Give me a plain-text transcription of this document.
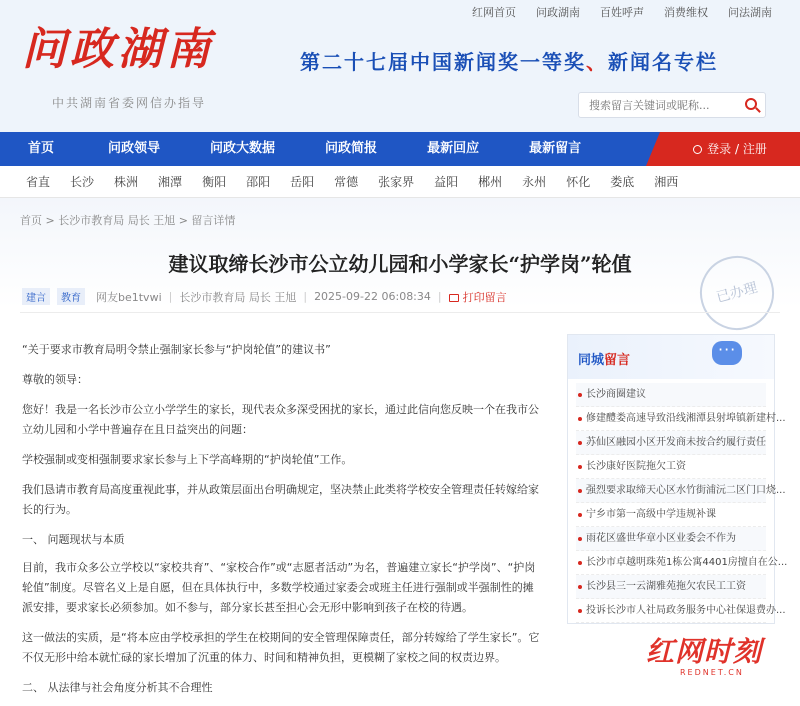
红网首页 问政湖南 百姓呼声 消费维权 问法湖南
问政湖南
中共湖南省委网信办指导
第二十七届中国新闻奖一等奖、新闻名专栏
搜索留言关键词或昵称...
首页	问政领导	问政大数据	问政简报	最新回应	最新留言	登录 / 注册
省直 长沙 株洲 湘潭 衡阳 邵阳 岳阳 常德 张家界 益阳 郴州 永州 怀化 娄底 湘西
首页 > 长沙市教育局 局长 王旭 > 留言详情
建议取缔长沙市公立幼儿园和小学家长“护学岗”轮值
建言	教育	网友be1tvwi | 长沙市教育局 局长 王旭 | 2025-09-22 06:08:34 |	打印留言	已办理

“关于要求市教育局明令禁止强制家长参与“护岗轮值”的建议书”

尊敬的领导：

您好！我是一名长沙市公立小学学生的家长，现代表众多深受困扰的家长，通过此信向您反映一个在我市公立幼儿园和小学中普遍存在且日益突出的问题：

学校强制或变相强制要求家长参与上下学高峰期的“护岗轮值”工作。

我们恳请市教育局高度重视此事，并从政策层面出台明确规定，坚决禁止此类将学校安全管理责任转嫁给家长的行为。

一、 问题现状与本质

目前，我市众多公立学校以“家校共育”、“家校合作”或“志愿者活动”为名，普遍建立家长“护学岗”、“护岗轮值”制度。尽管名义上是自愿，但在具体执行中，多数学校通过家委会或班主任进行强制或半强制性的摊派安排，要求家长必须参加。如不参与，部分家长甚至担心会无形中影响到孩子在校的待遇。

这一做法的实质，是“将本应由学校承担的学生在校期间的安全管理保障责任，部分转嫁给了学生家长”。它不仅无形中给本就忙碌的家长增加了沉重的体力、时间和精神负担，更模糊了家校之间的权责边界。

二、 从法律与社会角度分析其不合理性

同城留言
···
长沙商圈建议
修建醴娄高速导致沿线湘潭县射埠镇新建村...
苏仙区融园小区开发商未按合约履行责任
长沙康好医院拖欠工资
强烈要求取缔天心区水竹街浦沅二区门口烧...
宁乡市第一高级中学违规补课
雨花区盛世华章小区业委会不作为
长沙市卓越明珠苑1栋公寓4401房擅自在公...
长沙县三一云湖雅苑拖欠农民工工资
投诉长沙市人社局政务服务中心社保退费办...
红网时刻
REDNET.CN
